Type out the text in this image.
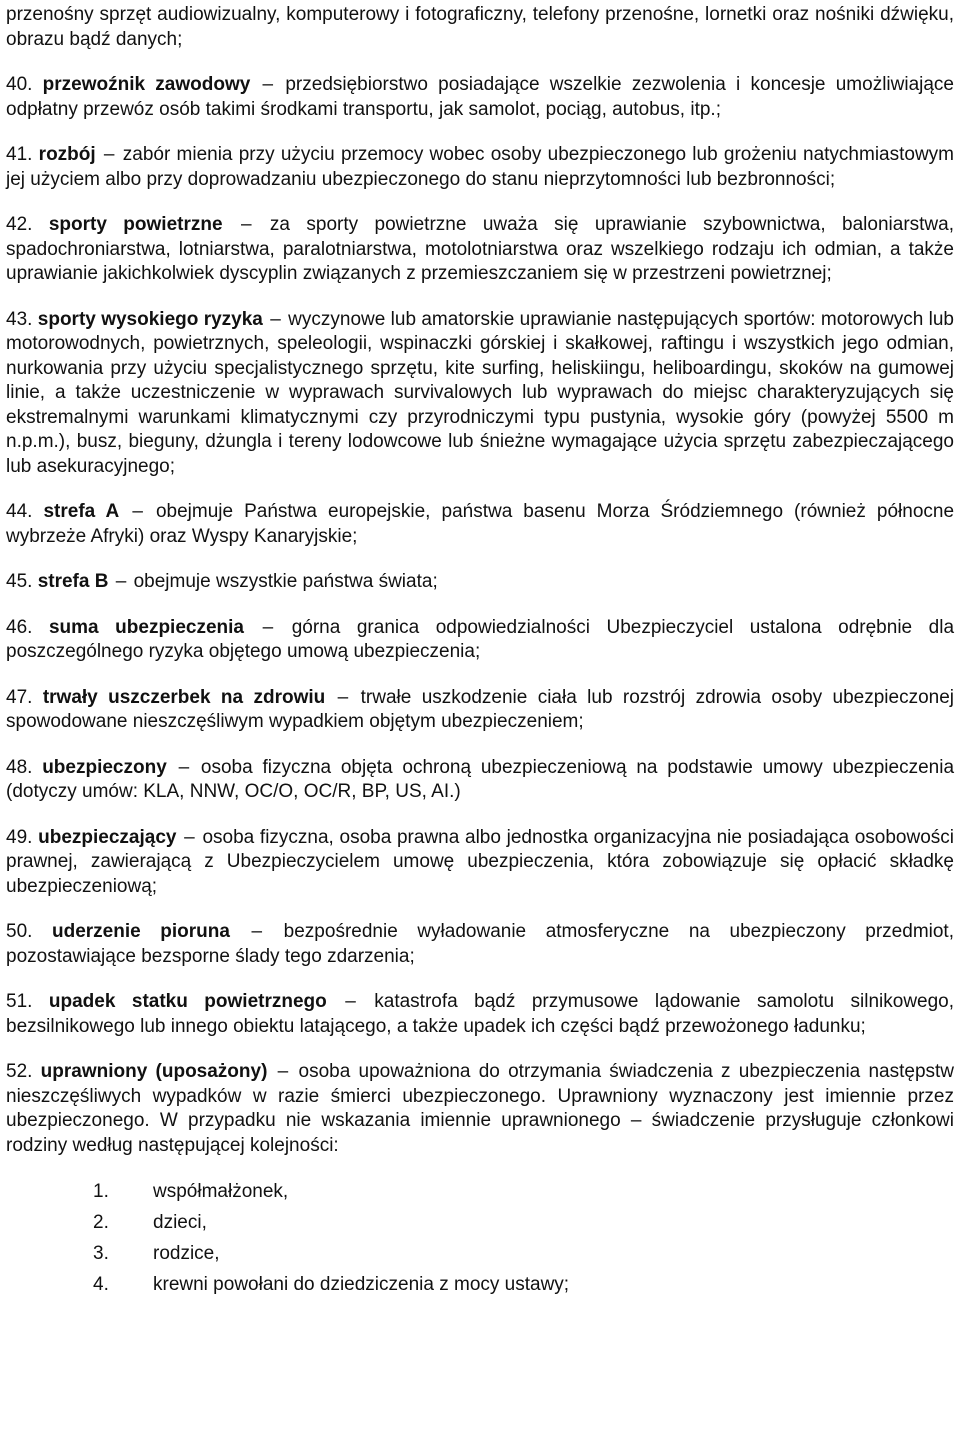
przenośny sprzęt audiowizualny, komputerowy i fotograficzny, telefony przenośne, lornetki oraz nośniki dźwięku, obrazu bądź danych;

40. przewoźnik zawodowy – przedsiębiorstwo posiadające wszelkie zezwolenia i koncesje umożliwiające odpłatny przewóz osób takimi środkami transportu, jak samolot, pociąg, autobus, itp.;

41. rozbój – zabór mienia przy użyciu przemocy wobec osoby ubezpieczonego lub grożeniu natychmiastowym jej użyciem albo przy doprowadzaniu ubezpieczonego do stanu nieprzytomności lub bezbronności;

42. sporty powietrzne – za sporty powietrzne uważa się uprawianie szybownictwa, baloniarstwa, spadochroniarstwa, lotniarstwa, paralotniarstwa, motolotniarstwa oraz wszelkiego rodzaju ich odmian, a także uprawianie jakichkolwiek dyscyplin związanych z przemieszczaniem się w przestrzeni powietrznej;

43. sporty wysokiego ryzyka – wyczynowe lub amatorskie uprawianie następujących sportów: motorowych lub motorowodnych, powietrznych, speleologii, wspinaczki górskiej i skałkowej, raftingu i wszystkich jego odmian, nurkowania przy użyciu specjalistycznego sprzętu, kite surfing, heliskiingu, heliboardingu, skoków na gumowej linie, a także uczestniczenie w wyprawach survivalowych lub wyprawach do miejsc charakteryzujących się ekstremalnymi warunkami klimatycznymi czy przyrodniczymi typu pustynia, wysokie góry (powyżej 5500 m n.p.m.), busz, bieguny, dżungla i tereny lodowcowe lub śnieżne wymagające użycia sprzętu zabezpieczającego lub asekuracyjnego;

44. strefa A – obejmuje Państwa europejskie, państwa basenu Morza Śródziemnego (również północne wybrzeże Afryki) oraz Wyspy Kanaryjskie;

45. strefa B – obejmuje wszystkie państwa świata;

46. suma ubezpieczenia – górna granica odpowiedzialności Ubezpieczyciel ustalona odrębnie dla poszczególnego ryzyka objętego umową ubezpieczenia;

47. trwały uszczerbek na zdrowiu – trwałe uszkodzenie ciała lub rozstrój zdrowia osoby ubezpieczonej spowodowane nieszczęśliwym wypadkiem objętym ubezpieczeniem;

48. ubezpieczony – osoba fizyczna objęta ochroną ubezpieczeniową na podstawie umowy ubezpieczenia (dotyczy umów: KLA, NNW, OC/O, OC/R, BP, US, AI.)

49. ubezpieczający – osoba fizyczna, osoba prawna albo jednostka organizacyjna nie posiadająca osobowości prawnej, zawierającą z Ubezpieczycielem umowę ubezpieczenia, która zobowiązuje się opłacić składkę ubezpieczeniową;

50. uderzenie pioruna – bezpośrednie wyładowanie atmosferyczne na ubezpieczony przedmiot, pozostawiające bezsporne ślady tego zdarzenia;

51. upadek statku powietrznego – katastrofa bądź przymusowe lądowanie samolotu silnikowego, bezsilnikowego lub innego obiektu latającego, a także upadek ich części bądź przewożonego ładunku;

52. uprawniony (uposażony) – osoba upoważniona do otrzymania świadczenia z ubezpieczenia następstw nieszczęśliwych wypadków w razie śmierci ubezpieczonego. Uprawniony wyznaczony jest imiennie przez ubezpieczonego. W przypadku nie wskazania imiennie uprawnionego – świadczenie przysługuje członkowi rodziny według następującej kolejności:

1. współmałżonek,
2. dzieci,
3. rodzice,
4. krewni powołani do dziedziczenia z mocy ustawy;
